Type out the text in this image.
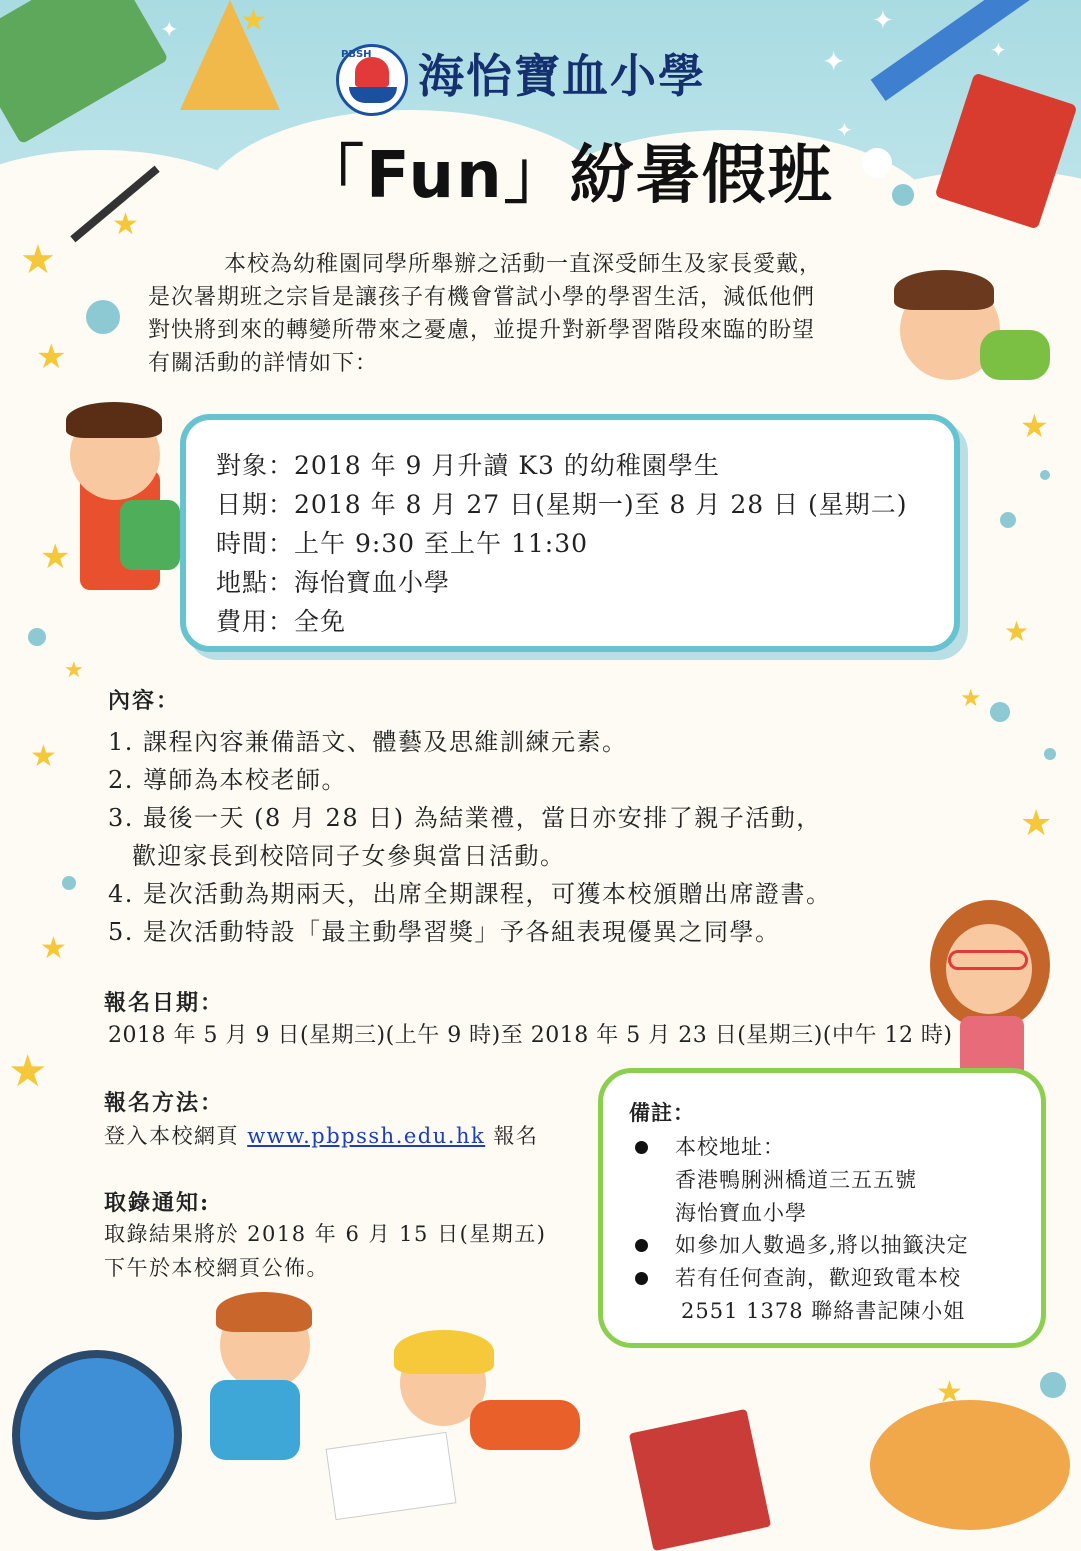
★
★
★
★
★
★
★
★
★
★
★
★
★
★	✦
✦	✦
✦
✦
PBSH 海怡寶血小學
「Fun」紛暑假班

本校為幼稚園同學所舉辦之活動一直深受師生及家長愛戴，

是次暑期班之宗旨是讓孩子有機會嘗試小學的學習生活，減低他們

對快將到來的轉變所帶來之憂慮，並提升對新學習階段來臨的盼望

有關活動的詳情如下：

對象：2018 年 9 月升讀 K3 的幼稚園學生
日期：2018 年 8 月 27 日(星期一)至 8 月 28 日 (星期二)
時間：上午 9:30 至上午 11:30
地點：海怡寶血小學
費用：全免
內容：
1. 課程內容兼備語文、體藝及思維訓練元素。
2. 導師為本校老師。
3. 最後一天 (8 月 28 日) 為結業禮，當日亦安排了親子活動，
歡迎家長到校陪同子女參與當日活動。
4. 是次活動為期兩天，出席全期課程，可獲本校頒贈出席證書。
5. 是次活動特設「最主動學習獎」予各組表現優異之同學。
報名日期：
2018 年 5 月 9 日(星期三)(上午 9 時)至 2018 年 5 月 23 日(星期三)(中午 12 時)
報名方法：
登入本校網頁 www.pbpssh.edu.hk 報名
取錄通知:
取錄結果將於 2018 年 6 月 15 日(星期五)
下午於本校網頁公佈。
備註：
本校地址：
香港鴨脷洲橋道三五五號
海怡寶血小學
如參加人數過多,將以抽籤決定
若有任何查詢，歡迎致電本校
2551 1378 聯絡書記陳小姐
